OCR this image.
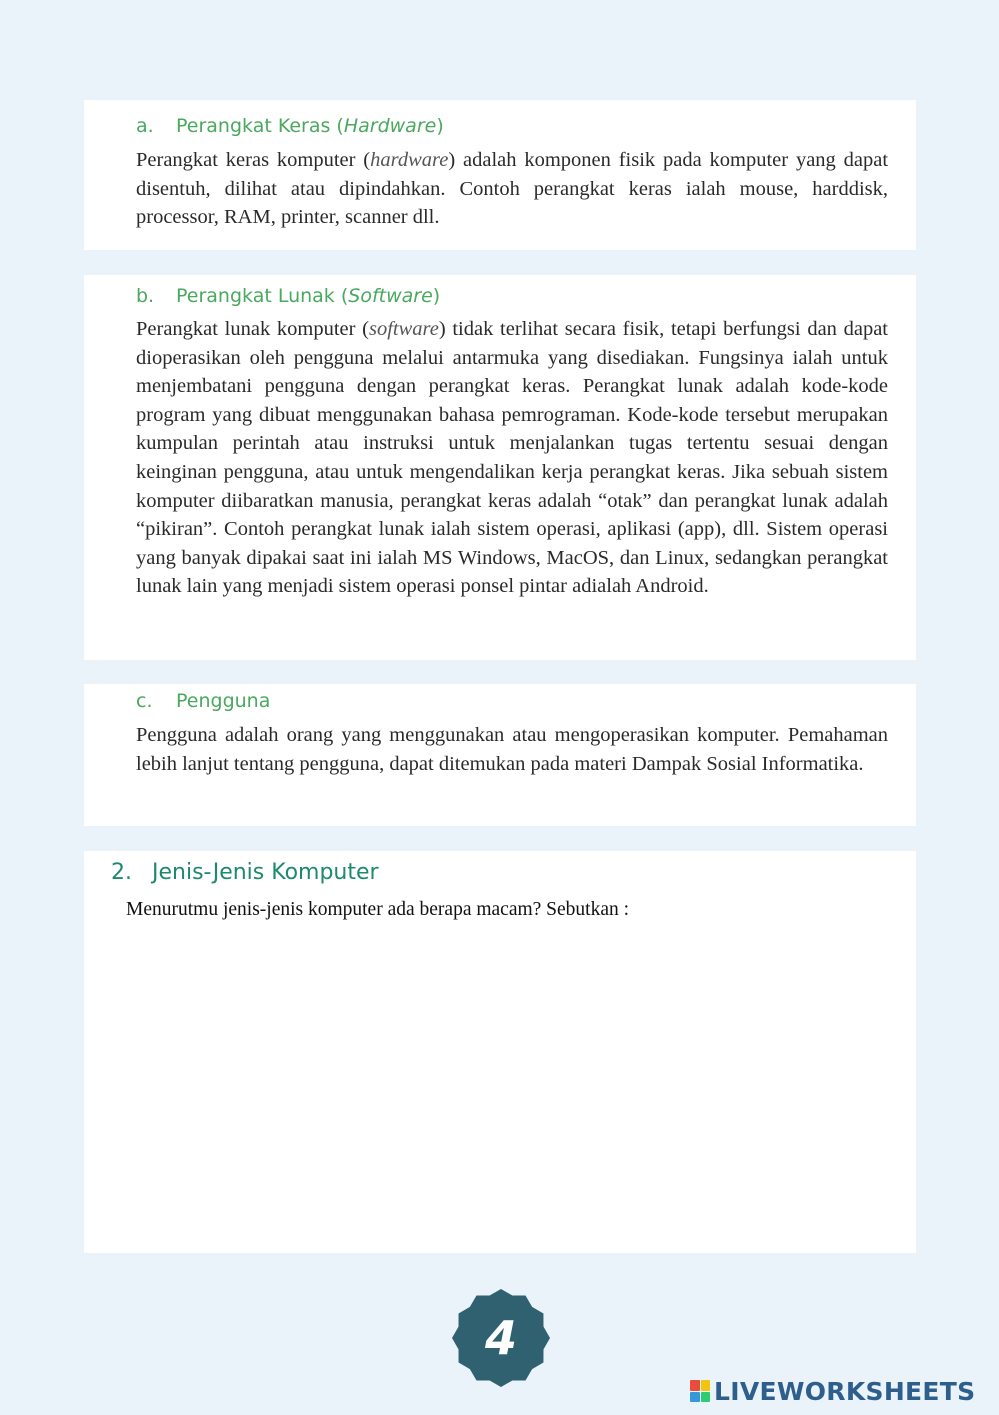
a. Perangkat Keras (Hardware)
Perangkat keras komputer (hardware) adalah komponen fisik pada komputer yang dapat disentuh, dilihat atau dipindahkan. Contoh perangkat keras ialah mouse, harddisk, processor, RAM, printer, scanner dll.
b. Perangkat Lunak (Software)
Perangkat lunak komputer (software) tidak terlihat secara fisik, tetapi berfungsi dan dapat dioperasikan oleh pengguna melalui antarmuka yang disediakan. Fungsinya ialah untuk menjembatani pengguna dengan perangkat keras. Perangkat lunak adalah kode-kode program yang dibuat menggunakan bahasa pemrograman. Kode-kode tersebut merupakan kumpulan perintah atau instruksi untuk menjalankan tugas tertentu sesuai dengan keinginan pengguna, atau untuk mengendalikan kerja perangkat keras. Jika sebuah sistem komputer diibaratkan manusia, perangkat keras adalah “otak” dan perangkat lunak adalah “pikiran”. Contoh perangkat lunak ialah sistem operasi, aplikasi (app), dll. Sistem operasi yang banyak dipakai saat ini ialah MS Windows, MacOS, dan Linux, sedangkan perangkat lunak lain yang menjadi sistem operasi ponsel pintar adialah Android.
c. Pengguna
Pengguna adalah orang yang menggunakan atau mengoperasikan komputer. Pemahaman lebih lanjut tentang pengguna, dapat ditemukan pada materi Dampak Sosial Informatika.
2. Jenis-Jenis Komputer
Menurutmu jenis-jenis komputer ada berapa macam? Sebutkan :
4
LIVEWORKSHEETS
